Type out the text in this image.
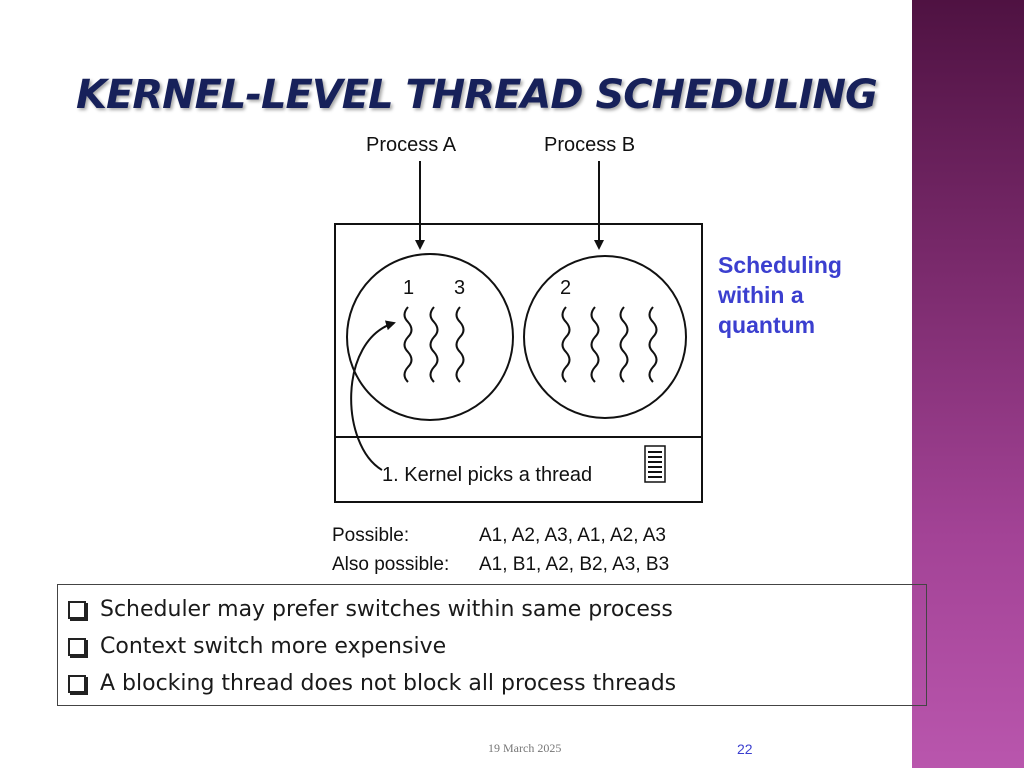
KERNEL-LEVEL THREAD SCHEDULING
Process A	Process B
1 3	2
1. Kernel picks a thread
Possible:	A1, A2, A3, A1, A2, A3
Also possible: A1, B1, A2, B2, A3, B3
Scheduling within a quantum
Scheduler may prefer switches within same process
Context switch more expensive
A blocking thread does not block all process threads
19 March 2025	22
